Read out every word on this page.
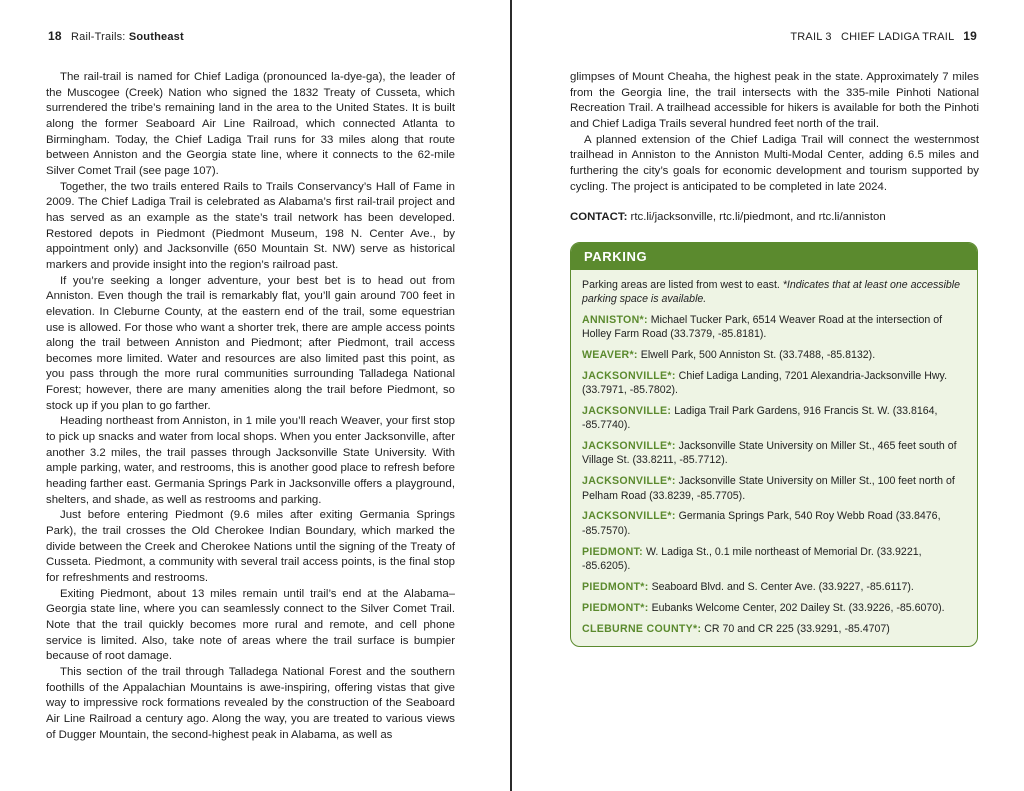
18 Rail-Trails: Southeast

The rail-trail is named for Chief Ladiga (pronounced la-dye-ga), the leader of the Muscogee (Creek) Nation who signed the 1832 Treaty of Cusseta, which surrendered the tribe’s remaining land in the area to the United States. It is built along the former Seaboard Air Line Railroad, which connected Atlanta to Birmingham. Today, the Chief Ladiga Trail runs for 33 miles along that route between Anniston and the Georgia state line, where it connects to the 62-mile Silver Comet Trail (see page 107).

Together, the two trails entered Rails to Trails Conservancy’s Hall of Fame in 2009. The Chief Ladiga Trail is celebrated as Alabama’s first rail-trail project and has served as an example as the state’s trail network has been developed. Restored depots in Piedmont (Piedmont Museum, 198 N. Center Ave., by appointment only) and Jacksonville (650 Mountain St. NW) serve as historical markers and provide insight into the region’s railroad past.

If you’re seeking a longer adventure, your best bet is to head out from Anniston. Even though the trail is remarkably flat, you’ll gain around 700 feet in elevation. In Cleburne County, at the eastern end of the trail, some equestrian use is allowed. For those who want a shorter trek, there are ample access points along the trail between Anniston and Piedmont; after Piedmont, trail access becomes more limited. Water and resources are also limited past this point, as you pass through the more rural communities surrounding Talladega National Forest; however, there are many amenities along the trail before Piedmont, so stock up if you plan to go farther.

Heading northeast from Anniston, in 1 mile you’ll reach Weaver, your first stop to pick up snacks and water from local shops. When you enter Jacksonville, after another 3.2 miles, the trail passes through Jacksonville State University. With ample parking, water, and restrooms, this is another good place to refresh before heading farther east. Germania Springs Park in Jacksonville offers a playground, shelters, and shade, as well as restrooms and parking.

Just before entering Piedmont (9.6 miles after exiting Germania Springs Park), the trail crosses the Old Cherokee Indian Boundary, which marked the divide between the Creek and Cherokee Nations until the signing of the Treaty of Cusseta. Piedmont, a community with several trail access points, is the final stop for refreshments and restrooms.

Exiting Piedmont, about 13 miles remain until trail’s end at the Alabama–Georgia state line, where you can seamlessly connect to the Silver Comet Trail. Note that the trail quickly becomes more rural and remote, and cell phone service is limited. Also, take note of areas where the trail surface is bumpier because of root damage.

This section of the trail through Talladega National Forest and the southern foothills of the Appalachian Mountains is awe-inspiring, offering vistas that give way to impressive rock formations revealed by the construction of the Seaboard Air Line Railroad a century ago. Along the way, you are treated to various views of Dugger Mountain, the second-highest peak in Alabama, as well as

TRAIL 3 CHIEF LADIGA TRAIL 19

glimpses of Mount Cheaha, the highest peak in the state. Approximately 7 miles from the Georgia line, the trail intersects with the 335-mile Pinhoti National Recreation Trail. A trailhead accessible for hikers is available for both the Pinhoti and Chief Ladiga Trails several hundred feet north of the trail.

A planned extension of the Chief Ladiga Trail will connect the westernmost trailhead in Anniston to the Anniston Multi-Modal Center, adding 6.5 miles and furthering the city’s goals for economic development and tourism supported by cycling. The project is anticipated to be completed in late 2024.

CONTACT: rtc.li/jacksonville, rtc.li/piedmont, and rtc.li/anniston
PARKING
Parking areas are listed from west to east. *Indicates that at least one accessible parking space is available.
ANNISTON*: Michael Tucker Park, 6514 Weaver Road at the intersection of Holley Farm Road (33.7379, -85.8181).
WEAVER*: Elwell Park, 500 Anniston St. (33.7488, -85.8132).
JACKSONVILLE*: Chief Ladiga Landing, 7201 Alexandria-Jacksonville Hwy. (33.7971, -85.7802).
JACKSONVILLE: Ladiga Trail Park Gardens, 916 Francis St. W. (33.8164, -85.7740).
JACKSONVILLE*: Jacksonville State University on Miller St., 465 feet south of Village St. (33.8211, -85.7712).
JACKSONVILLE*: Jacksonville State University on Miller St., 100 feet north of Pelham Road (33.8239, -85.7705).
JACKSONVILLE*: Germania Springs Park, 540 Roy Webb Road (33.8476, -85.7570).
PIEDMONT: W. Ladiga St., 0.1 mile northeast of Memorial Dr. (33.9221, -85.6205).
PIEDMONT*: Seaboard Blvd. and S. Center Ave. (33.9227, -85.6117).
PIEDMONT*: Eubanks Welcome Center, 202 Dailey St. (33.9226, -85.6070).
CLEBURNE COUNTY*: CR 70 and CR 225 (33.9291, -85.4707)
